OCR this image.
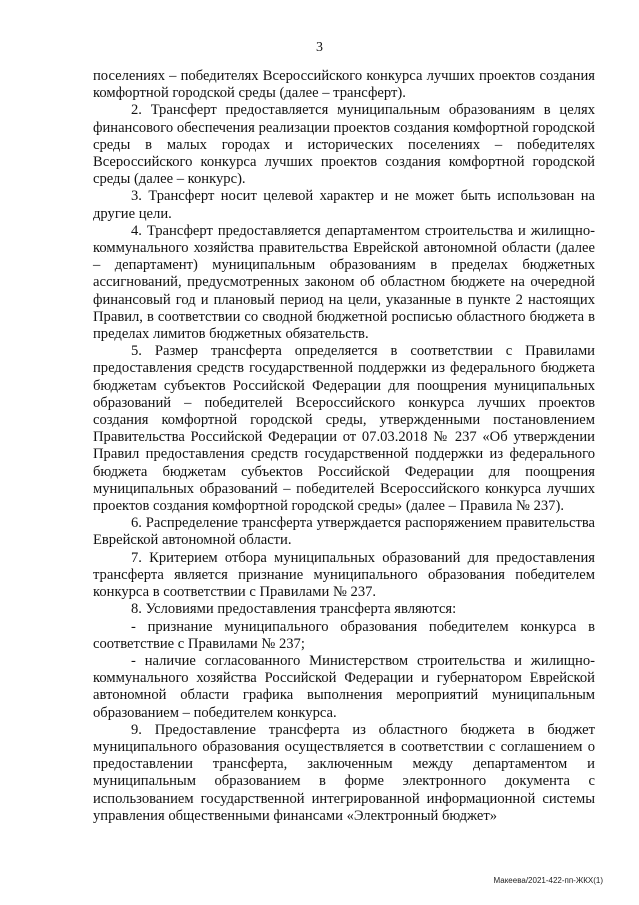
3

поселениях – победителях Всероссийского конкурса лучших проектов создания комфортной городской среды (далее – трансферт).

2. Трансферт предоставляется муниципальным образованиям в целях финансового обеспечения реализации проектов создания комфортной городской среды в малых городах и исторических поселениях – победителях Всероссийского конкурса лучших проектов создания комфортной городской среды (далее – конкурс).

3. Трансферт носит целевой характер и не может быть использован на другие цели.

4. Трансферт предоставляется департаментом строительства и жилищно-коммунального хозяйства правительства Еврейской автономной области (далее – департамент) муниципальным образованиям в пределах бюджетных ассигнований, предусмотренных законом об областном бюджете на очередной финансовый год и плановый период на цели, указанные в пункте 2 настоящих Правил, в соответствии со сводной бюджетной росписью областного бюджета в пределах лимитов бюджетных обязательств.

5. Размер трансферта определяется в соответствии с Правилами предоставления средств государственной поддержки из федерального бюджета бюджетам субъектов Российской Федерации для поощрения муниципальных образований – победителей Всероссийского конкурса лучших проектов создания комфортной городской среды, утвержденными постановлением Правительства Российской Федерации от 07.03.2018 № 237 «Об утверждении Правил предоставления средств государственной поддержки из федерального бюджета бюджетам субъектов Российской Федерации для поощрения муниципальных образований – победителей Всероссийского конкурса лучших проектов создания комфортной городской среды» (далее – Правила № 237).

6. Распределение трансферта утверждается распоряжением правительства Еврейской автономной области.

7. Критерием отбора муниципальных образований для предоставления трансферта является признание муниципального образования победителем конкурса в соответствии с Правилами № 237.

8. Условиями предоставления трансферта являются:

- признание муниципального образования победителем конкурса в соответствие с Правилами № 237;

- наличие согласованного Министерством строительства и жилищно-коммунального хозяйства Российской Федерации и губернатором Еврейской автономной области графика выполнения мероприятий муниципальным образованием – победителем конкурса.

9. Предоставление трансферта из областного бюджета в бюджет муниципального образования осуществляется в соответствии с соглашением о предоставлении трансферта, заключенным между департаментом и муниципальным образованием в форме электронного документа с использованием государственной интегрированной информационной системы управления общественными финансами «Электронный бюджет»

Макеева/2021-422-пп-ЖКХ(1)
